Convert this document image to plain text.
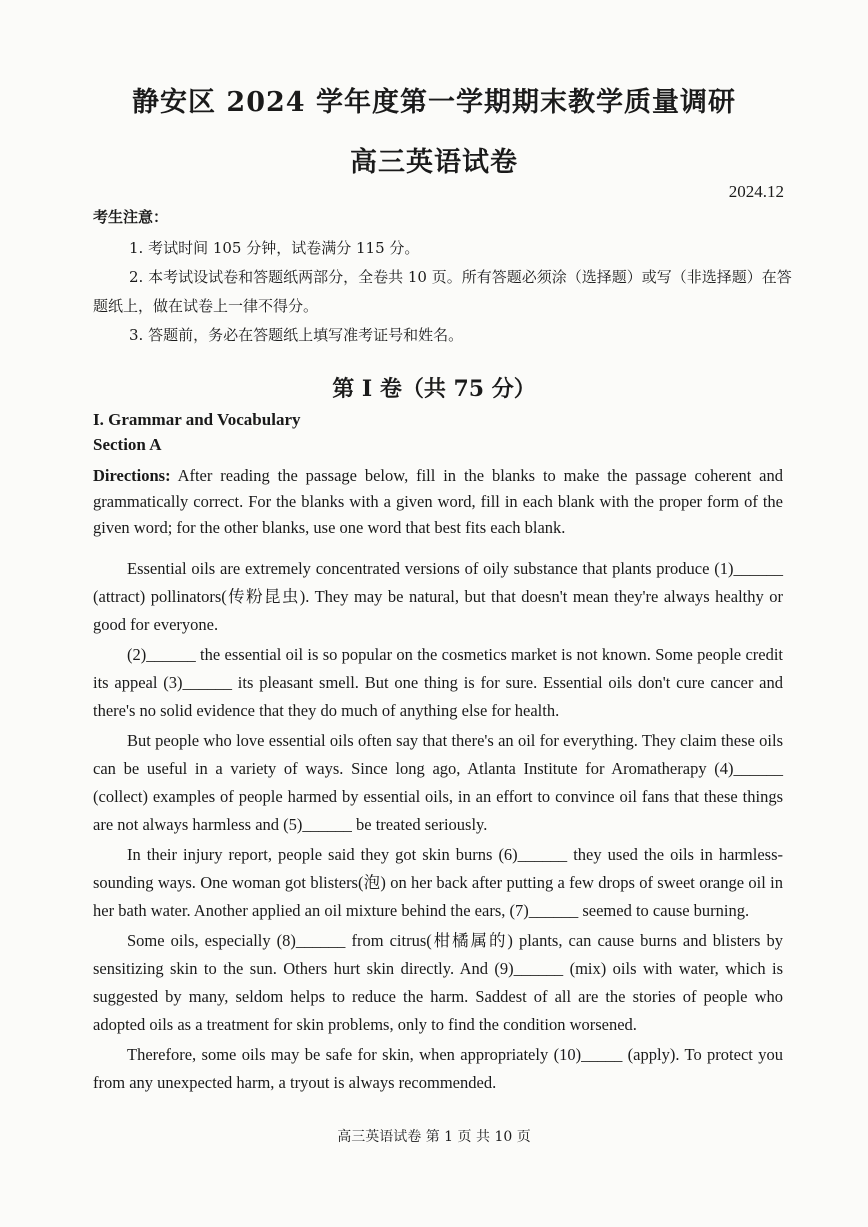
静安区 2024 学年度第一学期期末教学质量调研
高三英语试卷
2024.12
考生注意：

1. 考试时间 105 分钟，试卷满分 115 分。

2. 本考试设试卷和答题纸两部分，全卷共 10 页。所有答题必须涂（选择题）或写（非选择题）在答题纸上，做在试卷上一律不得分。

3. 答题前，务必在答题纸上填写准考证号和姓名。

第 I 卷（共 75 分）
I. Grammar and Vocabulary
Section A
Directions: After reading the passage below, fill in the blanks to make the passage coherent and grammatically correct. For the blanks with a given word, fill in each blank with the proper form of the given word; for the other blanks, use one word that best fits each blank.

Essential oils are extremely concentrated versions of oily substance that plants produce (1)______ (attract) pollinators(传粉昆虫). They may be natural, but that doesn't mean they're always healthy or good for everyone.

(2)______ the essential oil is so popular on the cosmetics market is not known. Some people credit its appeal (3)______ its pleasant smell. But one thing is for sure. Essential oils don't cure cancer and there's no solid evidence that they do much of anything else for health.

But people who love essential oils often say that there's an oil for everything. They claim these oils can be useful in a variety of ways. Since long ago, Atlanta Institute for Aromatherapy (4)______ (collect) examples of people harmed by essential oils, in an effort to convince oil fans that these things are not always harmless and (5)______ be treated seriously.

In their injury report, people said they got skin burns (6)______ they used the oils in harmless-sounding ways. One woman got blisters(泡) on her back after putting a few drops of sweet orange oil in her bath water. Another applied an oil mixture behind the ears, (7)______ seemed to cause burning.

Some oils, especially (8)______ from citrus(柑橘属的) plants, can cause burns and blisters by sensitizing skin to the sun. Others hurt skin directly. And (9)______ (mix) oils with water, which is suggested by many, seldom helps to reduce the harm. Saddest of all are the stories of people who adopted oils as a treatment for skin problems, only to find the condition worsened.

Therefore, some oils may be safe for skin, when appropriately (10)_____ (apply). To protect you from any unexpected harm, a tryout is always recommended.

高三英语试卷 第 1 页 共 10 页
